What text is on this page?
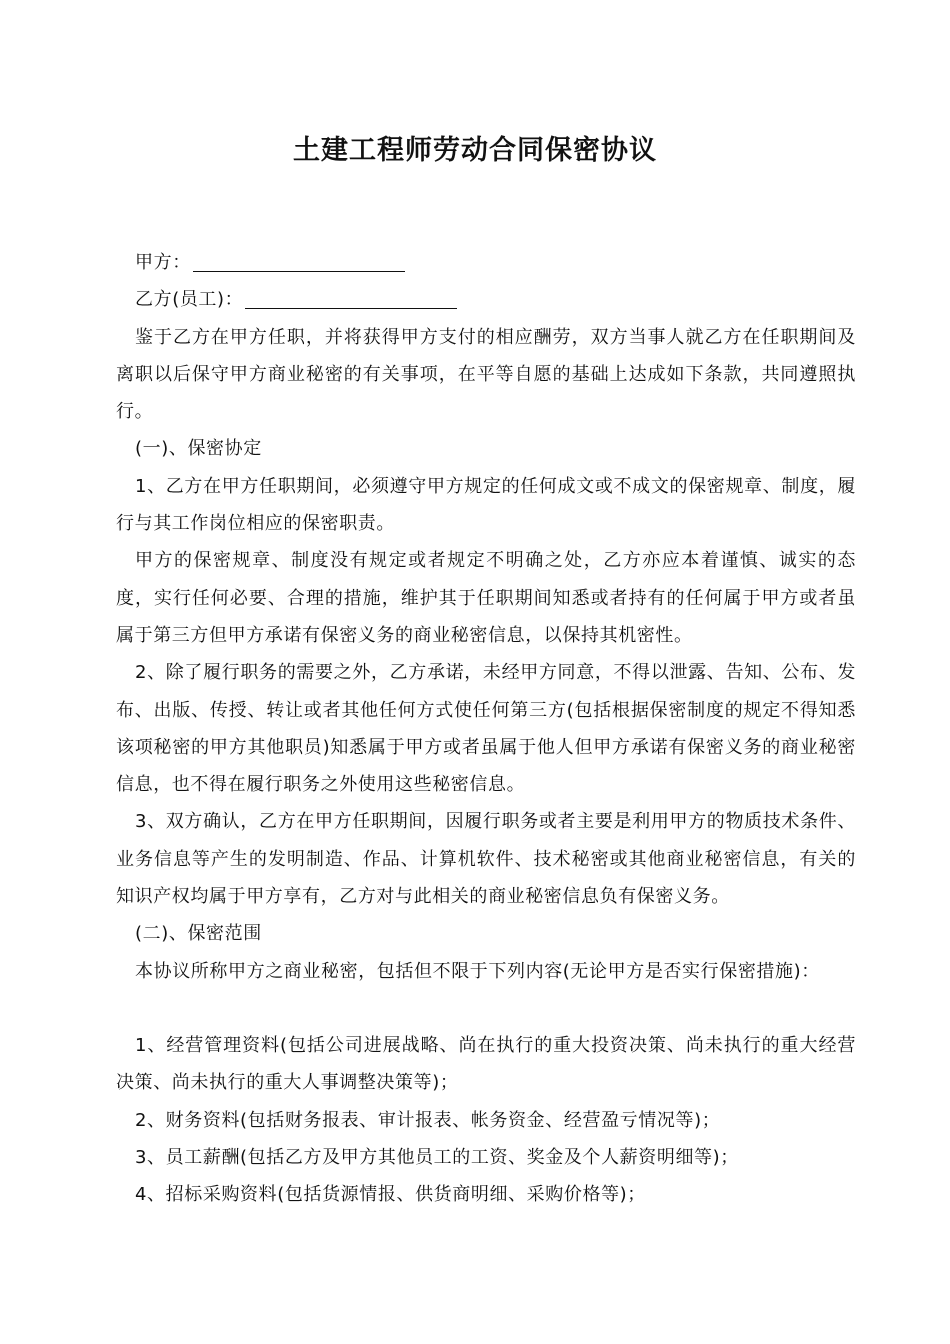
土建工程师劳动合同保密协议

甲方：

乙方(员工)：

鉴于乙方在甲方任职，并将获得甲方支付的相应酬劳，双方当事人就乙方在任职期间及离职以后保守甲方商业秘密的有关事项，在平等自愿的基础上达成如下条款，共同遵照执行。

(一)、保密协定

1、乙方在甲方任职期间，必须遵守甲方规定的任何成文或不成文的保密规章、制度，履行与其工作岗位相应的保密职责。

甲方的保密规章、制度没有规定或者规定不明确之处，乙方亦应本着谨慎、诚实的态度，实行任何必要、合理的措施，维护其于任职期间知悉或者持有的任何属于甲方或者虽属于第三方但甲方承诺有保密义务的商业秘密信息，以保持其机密性。

2、除了履行职务的需要之外，乙方承诺，未经甲方同意，不得以泄露、告知、公布、发布、出版、传授、转让或者其他任何方式使任何第三方(包括根据保密制度的规定不得知悉该项秘密的甲方其他职员)知悉属于甲方或者虽属于他人但甲方承诺有保密义务的商业秘密信息，也不得在履行职务之外使用这些秘密信息。

3、双方确认，乙方在甲方任职期间，因履行职务或者主要是利用甲方的物质技术条件、业务信息等产生的发明制造、作品、计算机软件、技术秘密或其他商业秘密信息，有关的知识产权均属于甲方享有，乙方对与此相关的商业秘密信息负有保密义务。

(二)、保密范围

本协议所称甲方之商业秘密，包括但不限于下列内容(无论甲方是否实行保密措施)：

1、经营管理资料(包括公司进展战略、尚在执行的重大投资决策、尚未执行的重大经营决策、尚未执行的重大人事调整决策等)；

2、财务资料(包括财务报表、审计报表、帐务资金、经营盈亏情况等)；

3、员工薪酬(包括乙方及甲方其他员工的工资、奖金及个人薪资明细等)；

4、招标采购资料(包括货源情报、供货商明细、采购价格等)；
